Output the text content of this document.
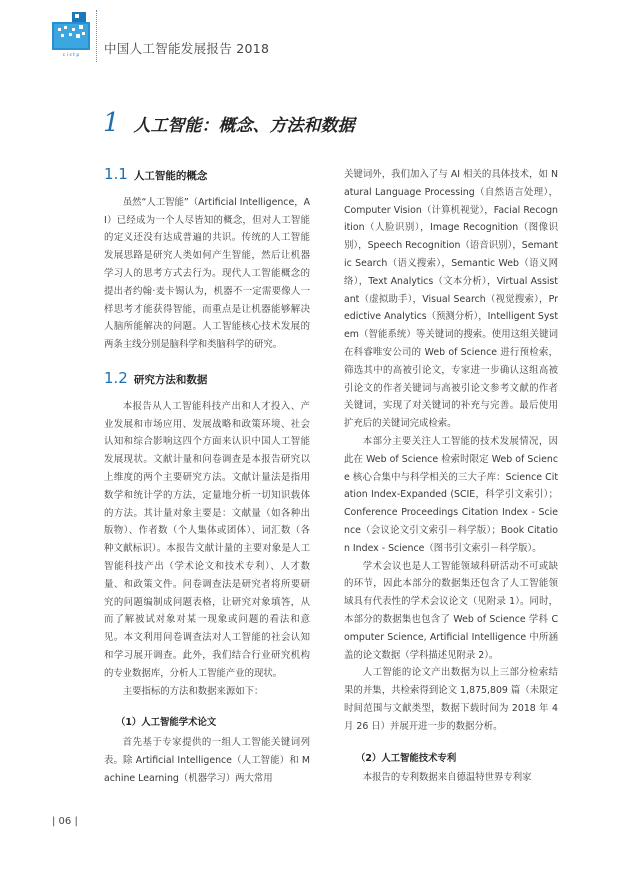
c i s t p 中国人工智能发展报告 2018
1 人工智能：概念、方法和数据
1.1 人工智能的概念

虽然“人工智能”（Artificial Intelligence，AI）已经成为一个人尽皆知的概念，但对人工智能的定义还没有达成普遍的共识。传统的人工智能发展思路是研究人类如何产生智能，然后让机器学习人的思考方式去行为。现代人工智能概念的提出者约翰·麦卡锡认为，机器不一定需要像人一样思考才能获得智能，而重点是让机器能够解决人脑所能解决的问题。人工智能核心技术发展的两条主线分别是脑科学和类脑科学的研究。

1.2 研究方法和数据

本报告从人工智能科技产出和人才投入、产业发展和市场应用、发展战略和政策环境、社会认知和综合影响这四个方面来认识中国人工智能发展现状。文献计量和问卷调查是本报告研究以上维度的两个主要研究方法。文献计量法是指用数学和统计学的方法，定量地分析一切知识载体的方法。其计量对象主要是：文献量（如各种出版物）、作者数（个人集体或团体）、词汇数（各种文献标识）。本报告文献计量的主要对象是人工智能科技产出（学术论文和技术专利）、人才数量、和政策文件。问卷调查法是研究者将所要研究的问题编制成问题表格，让研究对象填答，从而了解被试对象对某一现象或问题的看法和意见。本文利用问卷调查法对人工智能的社会认知和学习展开调查。此外，我们结合行业研究机构的专业数据库，分析人工智能产业的现状。

主要指标的方法和数据来源如下：

（1）人工智能学术论文

首先基于专家提供的一组人工智能关键词列表。除 Artificial Intelligence（人工智能）和 Machine Learning（机器学习）两大常用

关键词外，我们加入了与 AI 相关的具体技术，如 Natural Language Processing（自然语言处理），Computer Vision（计算机视觉），Facial Recognition（人脸识别），Image Recognition（图像识别），Speech Recognition（语音识别），Semantic Search（语义搜索），Semantic Web（语义网络），Text Analytics（文本分析），Virtual Assistant（虚拟助手），Visual Search（视觉搜索），Predictive Analytics（预测分析），Intelligent System（智能系统）等关键词的搜索。使用这组关键词在科睿唯安公司的 Web of Science 进行预检索，筛选其中的高被引论文，专家进一步确认这组高被引论文的作者关键词与高被引论文参考文献的作者关键词，实现了对关键词的补充与完善。最后使用扩充后的关键词完成检索。

本部分主要关注人工智能的技术发展情况，因此在 Web of Science 检索时限定 Web of Science 核心合集中与科学相关的三大子库：Science Citation Index-Expanded (SCIE，科学引文索引）；Conference Proceedings Citation Index - Science（会议论文引文索引－科学版）；Book Citation Index - Science（图书引文索引－科学版）。

学术会议也是人工智能领域科研活动不可或缺的环节，因此本部分的数据集还包含了人工智能领域具有代表性的学术会议论文（见附录 1）。同时，本部分的数据集也包含了 Web of Science 学科 Computer Science, Artificial Intelligence 中所涵盖的论文数据（学科描述见附录 2）。

人工智能的论文产出数据为以上三部分检索结果的并集，共检索得到论文 1,875,809 篇（未限定时间范围与文献类型，数据下载时间为 2018 年 4 月 26 日）并展开进一步的数据分析。

（2）人工智能技术专利

本报告的专利数据来自德温特世界专利家

| 06 |
